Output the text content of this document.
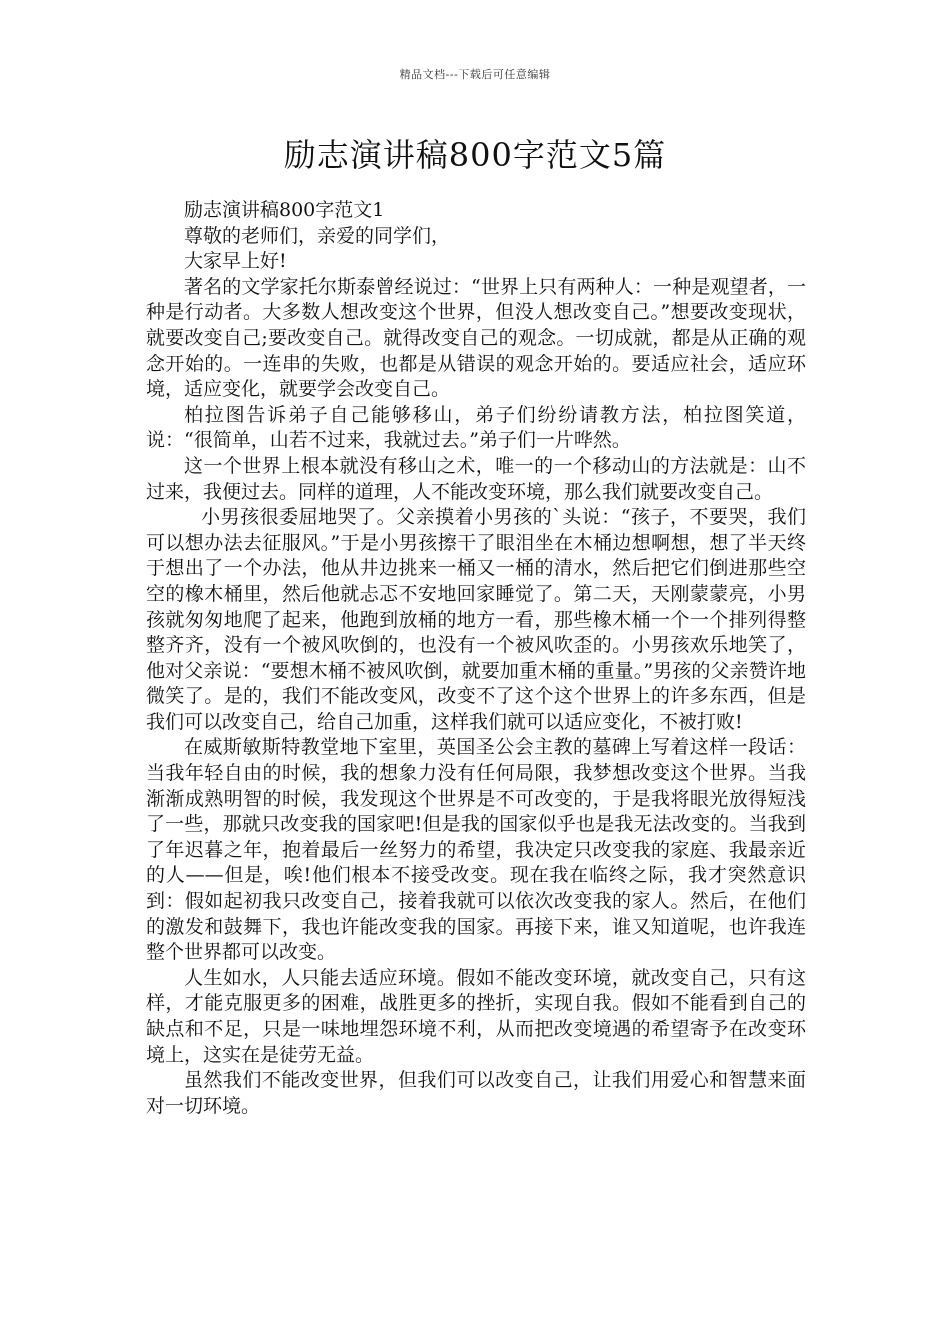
精品文档---下载后可任意编辑
励志演讲稿800字范文5篇

励志演讲稿800字范文1

尊敬的老师们，亲爱的同学们，

大家早上好!

著名的文学家托尔斯泰曾经说过：“世界上只有两种人：一种是观望者，一种是行动者。大多数人想改变这个世界，但没人想改变自己。”想要改变现状，就要改变自己;要改变自己。就得改变自己的观念。一切成就，都是从正确的观念开始的。一连串的失败，也都是从错误的观念开始的。要适应社会，适应环境，适应变化，就要学会改变自己。

柏拉图告诉弟子自己能够移山，弟子们纷纷请教方法，柏拉图笑道，说：“很简单，山若不过来，我就过去。”弟子们一片哗然。

这一个世界上根本就没有移山之术，唯一的一个移动山的方法就是：山不过来，我便过去。同样的道理，人不能改变环境，那么我们就要改变自己。

小男孩很委屈地哭了。父亲摸着小男孩的`头说：“孩子，不要哭，我们可以想办法去征服风。”于是小男孩擦干了眼泪坐在木桶边想啊想，想了半天终于想出了一个办法，他从井边挑来一桶又一桶的清水，然后把它们倒进那些空空的橡木桶里，然后他就忐忑不安地回家睡觉了。第二天，天刚蒙蒙亮，小男孩就匆匆地爬了起来，他跑到放桶的地方一看，那些橡木桶一个一个排列得整整齐齐，没有一个被风吹倒的，也没有一个被风吹歪的。小男孩欢乐地笑了，他对父亲说：“要想木桶不被风吹倒，就要加重木桶的重量。”男孩的父亲赞许地微笑了。是的，我们不能改变风，改变不了这个这个世界上的许多东西，但是我们可以改变自己，给自己加重，这样我们就可以适应变化，不被打败!

在威斯敏斯特教堂地下室里，英国圣公会主教的墓碑上写着这样一段话：当我年轻自由的时候，我的想象力没有任何局限，我梦想改变这个世界。当我渐渐成熟明智的时候，我发现这个世界是不可改变的，于是我将眼光放得短浅了一些，那就只改变我的国家吧!但是我的国家似乎也是我无法改变的。当我到了年迟暮之年，抱着最后一丝努力的希望，我决定只改变我的家庭、我最亲近的人——但是，唉!他们根本不接受改变。现在我在临终之际，我才突然意识到：假如起初我只改变自己，接着我就可以依次改变我的家人。然后，在他们的激发和鼓舞下，我也许能改变我的国家。再接下来，谁又知道呢，也许我连整个世界都可以改变。

人生如水，人只能去适应环境。假如不能改变环境，就改变自己，只有这样，才能克服更多的困难，战胜更多的挫折，实现自我。假如不能看到自己的缺点和不足，只是一味地埋怨环境不利，从而把改变境遇的希望寄予在改变环境上，这实在是徒劳无益。

虽然我们不能改变世界，但我们可以改变自己，让我们用爱心和智慧来面对一切环境。
